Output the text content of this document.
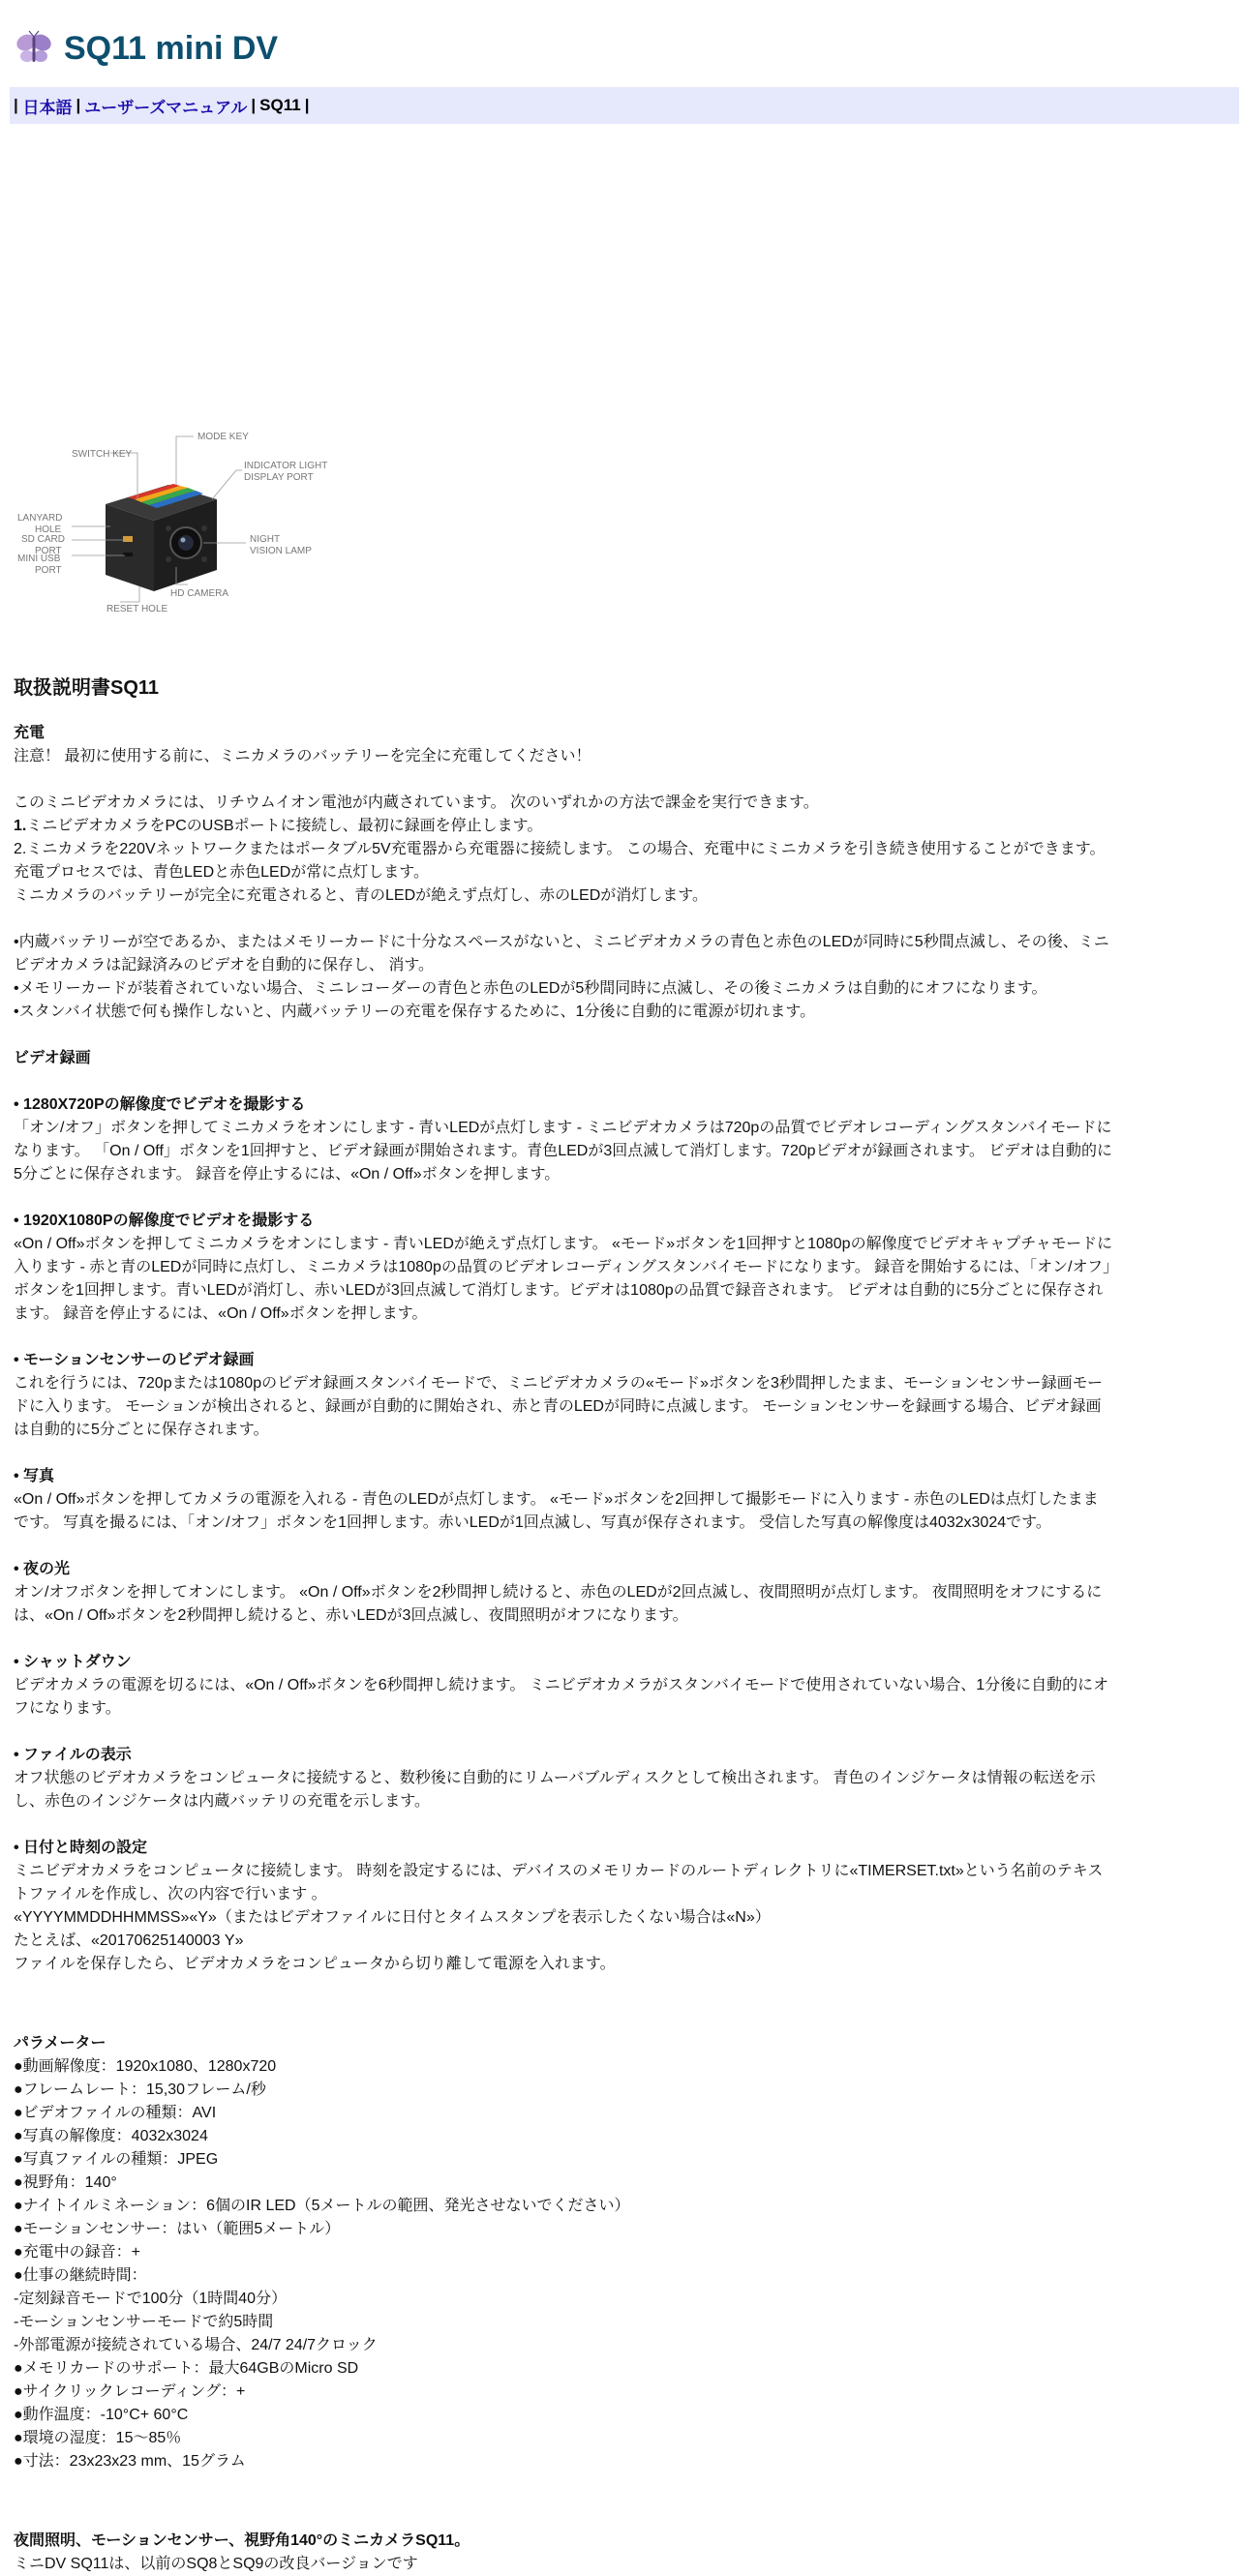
SQ11 mini DV
|
日本語 | ユーザーズマニュアル | SQ11 |
SWITCH KEY
MODE KEY
INDICATOR LIGHT
DISPLAY PORT
LANYARD
HOLE
SD CARD
PORT
MINI USB
PORT
NIGHT
VISION LAMP
HD CAMERA
RESET HOLE
取扱説明書SQ11

充電

注意！ 最初に使用する前に、ミニカメラのバッテリーを完全に充電してください！

このミニビデオカメラには、リチウムイオン電池が内蔵されています。 次のいずれかの方法で課金を実行できます。

1.ミニビデオカメラをPCのUSBポートに接続し、最初に録画を停止します。

2.ミニカメラを220Vネットワークまたはポータブル5V充電器から充電器に接続します。 この場合、充電中にミニカメラを引き続き使用することができます。 充電プロセスでは、青色LEDと赤色LEDが常に点灯します。

ミニカメラのバッテリーが完全に充電されると、青のLEDが絶えず点灯し、赤のLEDが消灯します。

•内蔵バッテリーが空であるか、またはメモリーカードに十分なスペースがないと、ミニビデオカメラの青色と赤色のLEDが同時に5秒間点滅し、その後、ミニビデオカメラは記録済みのビデオを自動的に保存し、 消す。

•メモリーカードが装着されていない場合、ミニレコーダーの青色と赤色のLEDが5秒間同時に点滅し、その後ミニカメラは自動的にオフになります。

•スタンバイ状態で何も操作しないと、内蔵バッテリーの充電を保存するために、1分後に自動的に電源が切れます。

ビデオ録画

• 1280X720Pの解像度でビデオを撮影する

「オン/オフ」ボタンを押してミニカメラをオンにします - 青いLEDが点灯します - ミニビデオカメラは720pの品質でビデオレコーディングスタンバイモードになります。 「On / Off」ボタンを1回押すと、ビデオ録画が開始されます。青色LEDが3回点滅して消灯します。720pビデオが録画されます。 ビデオは自動的に5分ごとに保存されます。 録音を停止するには、«On / Off»ボタンを押します。

• 1920X1080Pの解像度でビデオを撮影する

«On / Off»ボタンを押してミニカメラをオンにします - 青いLEDが絶えず点灯します。 «モード»ボタンを1回押すと1080pの解像度でビデオキャプチャモードに入ります - 赤と青のLEDが同時に点灯し、ミニカメラは1080pの品質のビデオレコーディングスタンバイモードになります。 録音を開始するには、「オン/オフ」ボタンを1回押します。青いLEDが消灯し、赤いLEDが3回点滅して消灯します。ビデオは1080pの品質で録音されます。 ビデオは自動的に5分ごとに保存されます。 録音を停止するには、«On / Off»ボタンを押します。

• モーションセンサーのビデオ録画

これを行うには、720pまたは1080pのビデオ録画スタンバイモードで、ミニビデオカメラの«モード»ボタンを3秒間押したまま、モーションセンサー録画モードに入ります。 モーションが検出されると、録画が自動的に開始され、赤と青のLEDが同時に点滅します。 モーションセンサーを録画する場合、ビデオ録画は自動的に5分ごとに保存されます。

• 写真

«On / Off»ボタンを押してカメラの電源を入れる - 青色のLEDが点灯します。 «モード»ボタンを2回押して撮影モードに入ります - 赤色のLEDは点灯したままです。 写真を撮るには、「オン/オフ」ボタンを1回押します。赤いLEDが1回点滅し、写真が保存されます。 受信した写真の解像度は4032x3024です。

• 夜の光

オン/オフボタンを押してオンにします。 «On / Off»ボタンを2秒間押し続けると、赤色のLEDが2回点滅し、夜間照明が点灯します。 夜間照明をオフにするには、«On / Off»ボタンを2秒間押し続けると、赤いLEDが3回点滅し、夜間照明がオフになります。

• シャットダウン

ビデオカメラの電源を切るには、«On / Off»ボタンを6秒間押し続けます。 ミニビデオカメラがスタンバイモードで使用されていない場合、1分後に自動的にオフになります。

• ファイルの表示

オフ状態のビデオカメラをコンピュータに接続すると、数秒後に自動的にリムーバブルディスクとして検出されます。 青色のインジケータは情報の転送を示し、赤色のインジケータは内蔵バッテリの充電を示します。

• 日付と時刻の設定

ミニビデオカメラをコンピュータに接続します。 時刻を設定するには、デバイスのメモリカードのルートディレクトリに«TIMERSET.txt»という名前のテキストファイルを作成し、次の内容で行います 。

«YYYYMMDDHHMMSS»«Y»（またはビデオファイルに日付とタイムスタンプを表示したくない場合は«N»）

たとえば、«20170625140003 Y»

ファイルを保存したら、ビデオカメラをコンピュータから切り離して電源を入れます。

パラメーター

●動画解像度：1920x1080、1280x720

●フレームレート：15,30フレーム/秒

●ビデオファイルの種類：AVI

●写真の解像度：4032x3024

●写真ファイルの種類：JPEG

●視野角：140°

●ナイトイルミネーション：6個のIR LED（5メートルの範囲、発光させないでください）

●モーションセンサー：はい（範囲5メートル）

●充電中の録音：+

●仕事の継続時間：

-定刻録音モードで100分（1時間40分）

-モーションセンサーモードで約5時間

-外部電源が接続されている場合、24/7 24/7クロック

●メモリカードのサポート：最大64GBのMicro SD

●サイクリックレコーディング：+

●動作温度：-10°C+ 60°C

●環境の湿度：15〜85％

●寸法：23x23x23 mm、15グラム

夜間照明、モーションセンサー、視野角140°のミニカメラSQ11。

ミニDV SQ11は、以前のSQ8とSQ9の改良バージョンです
